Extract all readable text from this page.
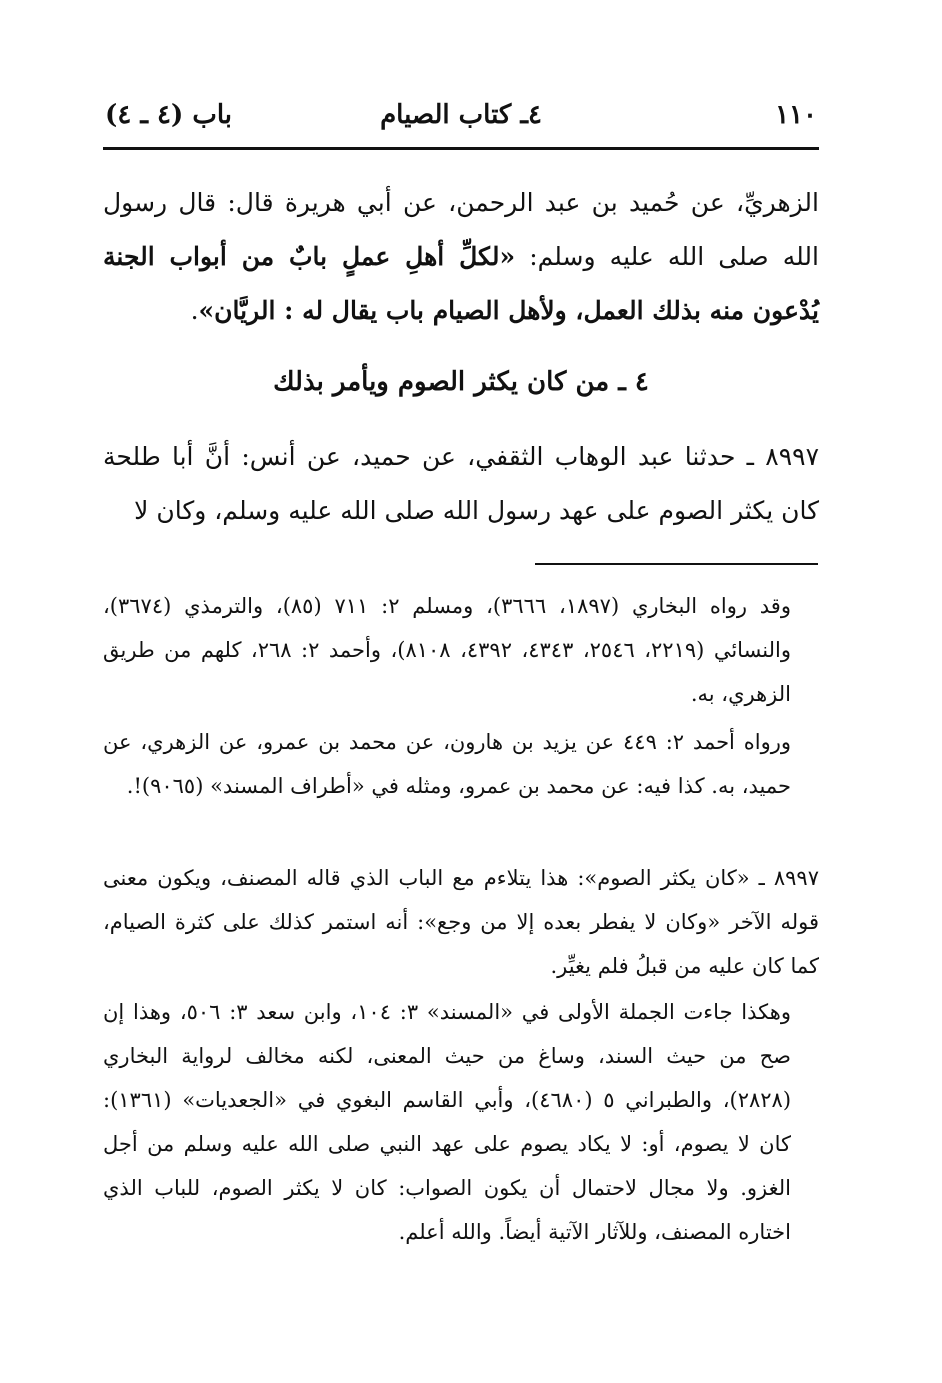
١١٠
٤ـ كتاب الصيام
باب (٤ ـ ٤)
الزهريِّ، عن حُميد بن عبد الرحمن، عن أبي هريرة قال: قال رسول الله صلى الله عليه وسلم: «لكلِّ أهلِ عملٍ بابٌ من أبواب الجنة يُدْعون منه بذلك العمل، ولأهل الصيام باب يقال له : الريَّان».
٤ ـ من كان يكثر الصوم ويأمر بذلك
٨٩٩٧ ـ حدثنا عبد الوهاب الثقفي، عن حميد، عن أنس: أنَّ أبا طلحة كان يكثر الصوم على عهد رسول الله صلى الله عليه وسلم، وكان لا
وقد رواه البخاري (١٨٩٧، ٣٦٦٦)، ومسلم ٢: ٧١١ (٨٥)، والترمذي (٣٦٧٤)، والنسائي (٢٢١٩، ٢٥٤٦، ٤٣٤٣، ٤٣٩٢، ٨١٠٨)، وأحمد ٢: ٢٦٨، كلهم من طريق الزهري، به.
ورواه أحمد ٢: ٤٤٩ عن يزيد بن هارون، عن محمد بن عمرو، عن الزهري، عن حميد، به. كذا فيه: عن محمد بن عمرو، ومثله في «أطراف المسند» (٩٠٦٥)!.
٨٩٩٧ ـ «كان يكثر الصوم»: هذا يتلاءم مع الباب الذي قاله المصنف، ويكون معنى قوله الآخر «وكان لا يفطر بعده إلا من وجع»: أنه استمر كذلك على كثرة الصيام، كما كان عليه من قبلُ فلم يغيِّر.
وهكذا جاءت الجملة الأولى في «المسند» ٣: ١٠٤، وابن سعد ٣: ٥٠٦، وهذا إن صح من حيث السند، وساغ من حيث المعنى، لكنه مخالف لرواية البخاري (٢٨٢٨)، والطبراني ٥ (٤٦٨٠)، وأبي القاسم البغوي في «الجعديات» (١٣٦١): كان لا يصوم، أو: لا يكاد يصوم على عهد النبي صلى الله عليه وسلم من أجل الغزو. ولا مجال لاحتمال أن يكون الصواب: كان لا يكثر الصوم، للباب الذي اختاره المصنف، وللآثار الآتية أيضاً. والله أعلم.
